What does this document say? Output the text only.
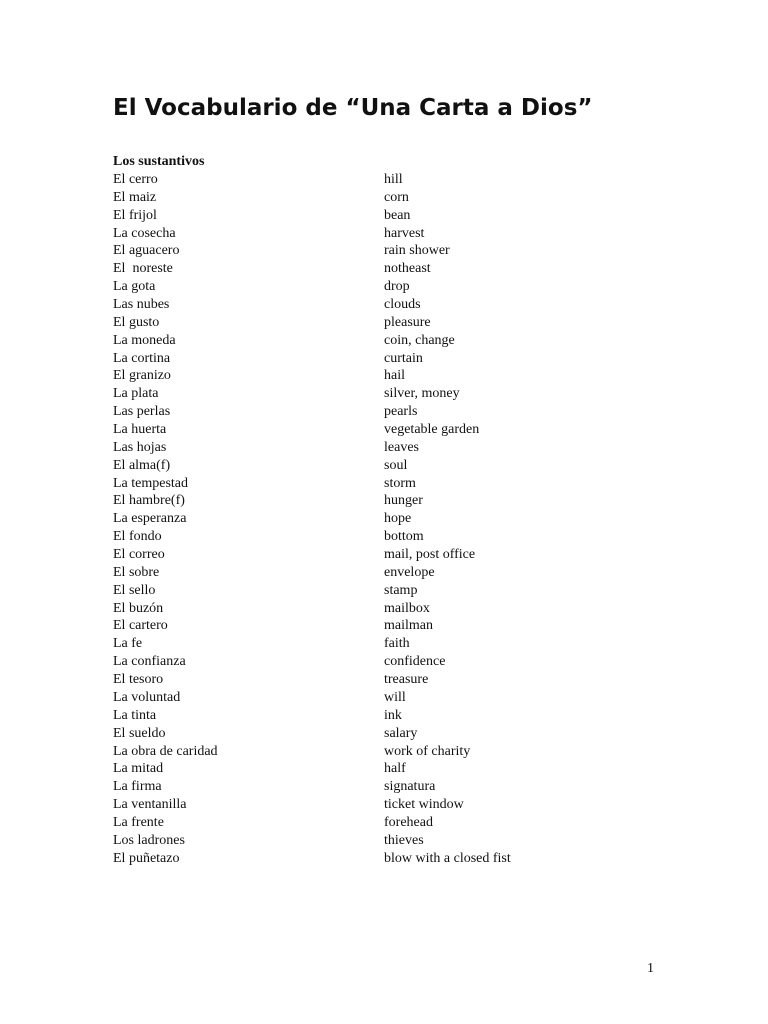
El Vocabulario de “Una Carta a Dios”
Los sustantivos
El cerro	hill
El maiz	corn
El frijol	bean
La cosecha	harvest
El aguacero	rain shower
El  noreste	notheast
La gota	drop
Las nubes	clouds
El gusto	pleasure
La moneda	coin, change
La cortina	curtain
El granizo	hail
La plata	silver, money
Las perlas	pearls
La huerta	vegetable garden
Las hojas	leaves
El alma(f)	soul
La tempestad	storm
El hambre(f)	hunger
La esperanza	hope
El fondo	bottom
El correo	mail, post office
El sobre	envelope
El sello	stamp
El buzón	mailbox
El cartero	mailman
La fe	faith
La confianza	confidence
El tesoro	treasure
La voluntad	will
La tinta	ink
El sueldo	salary
La obra de caridad	work of charity
La mitad	half
La firma	signatura
La ventanilla	ticket window
La frente	forehead
Los ladrones	thieves
El puñetazo	blow with a closed fist
1
